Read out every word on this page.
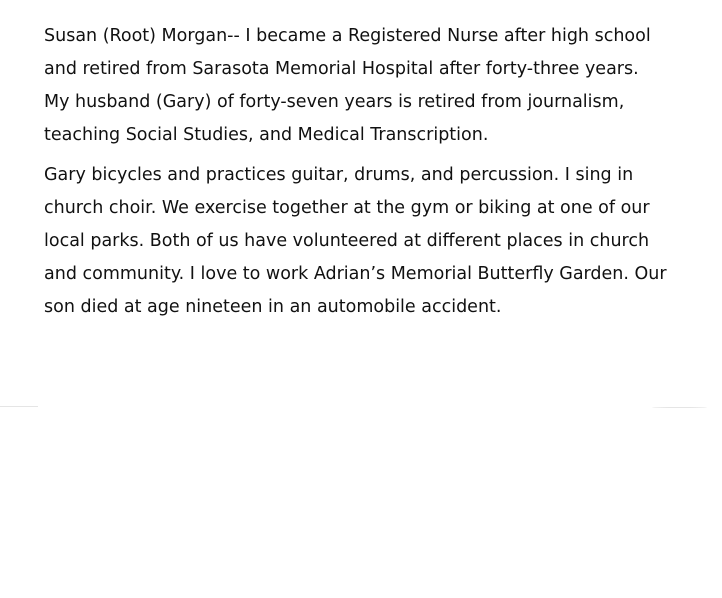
Susan (Root) Morgan-- I became a Registered Nurse after high school
and retired from Sarasota Memorial Hospital after forty-three years.
My husband (Gary) of forty-seven years is retired from journalism,
teaching Social Studies, and Medical Transcription.

Gary bicycles and practices guitar, drums, and percussion. I sing in
church choir. We exercise together at the gym or biking at one of our
local parks. Both of us have volunteered at different places in church
and community. I love to work Adrian’s Memorial Butterfly Garden. Our
son died at age nineteen in an automobile accident.
